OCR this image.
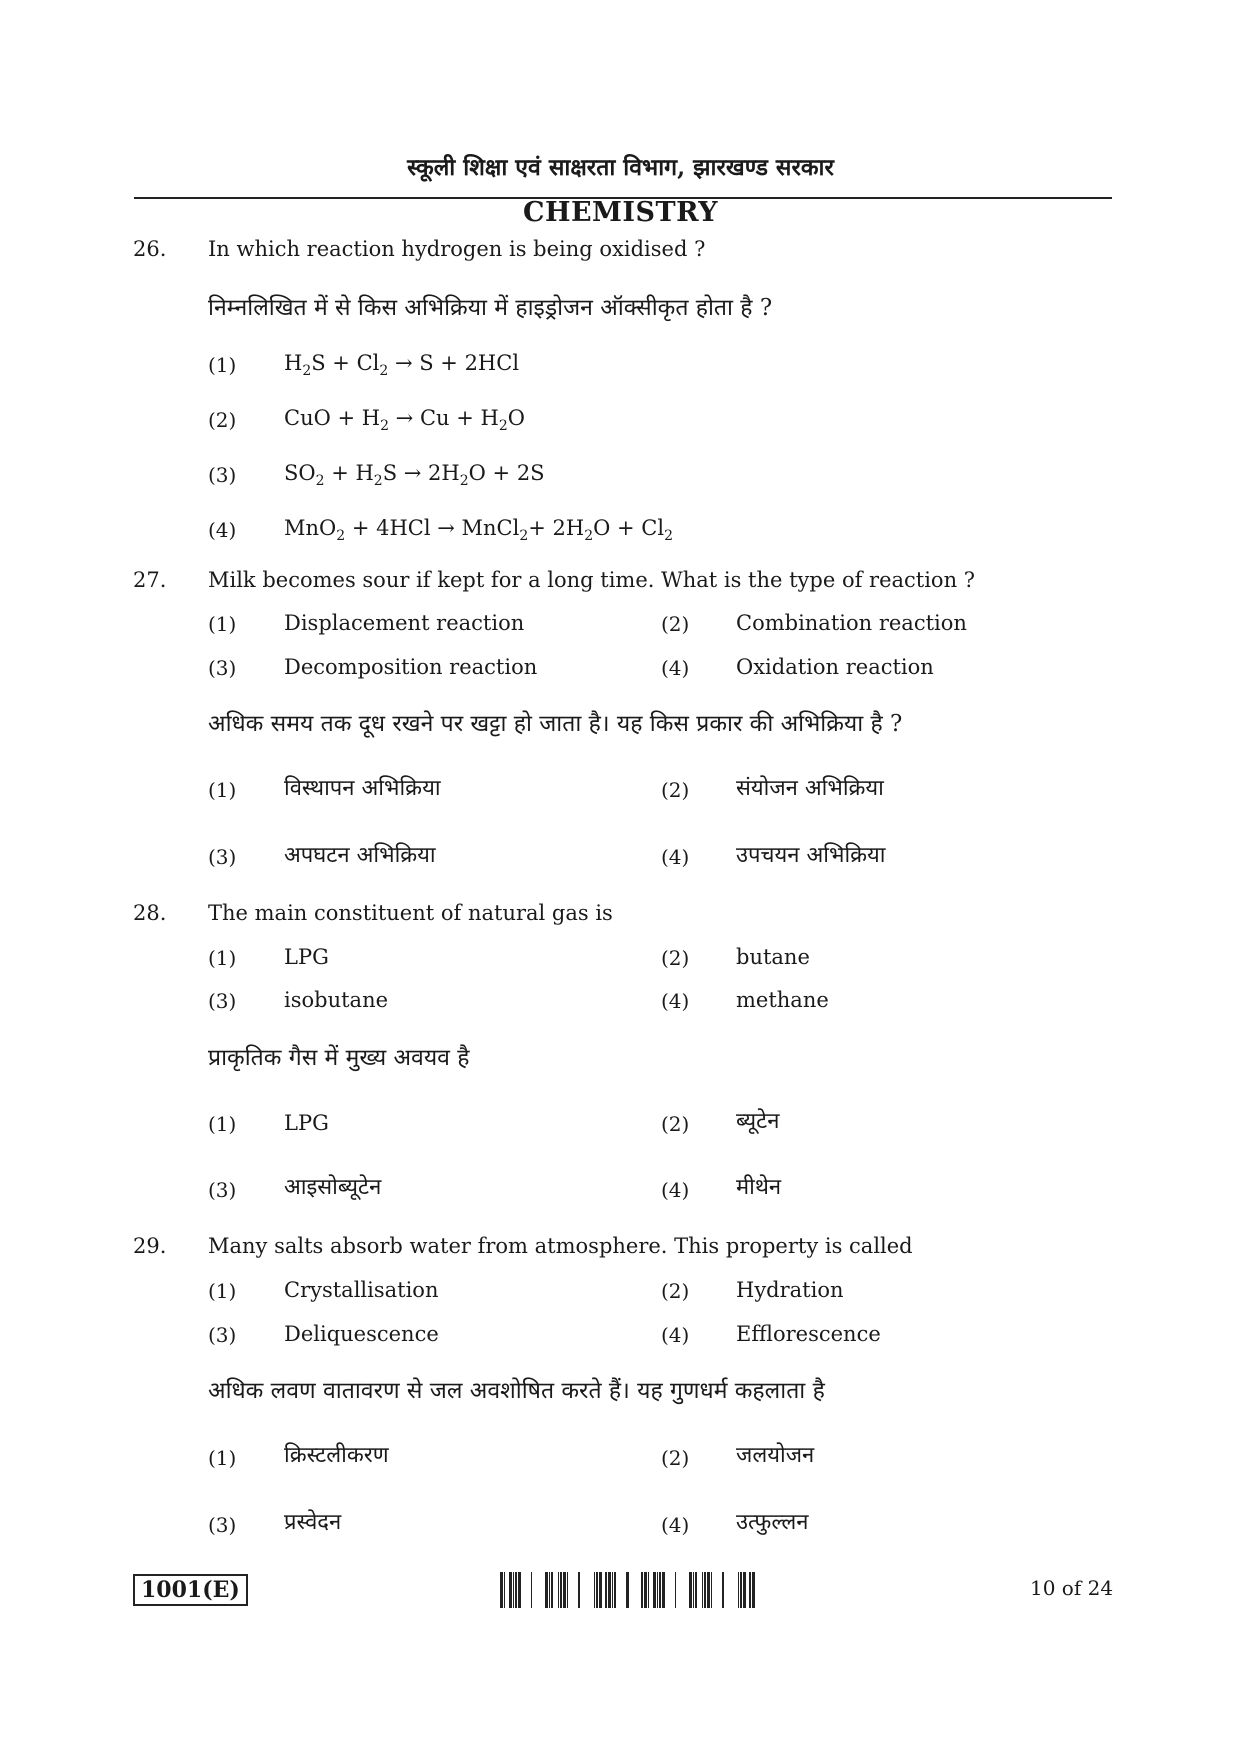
स्कूली शिक्षा एवं साक्षरता विभाग, झारखण्ड सरकार
CHEMISTRY
26. In which reaction hydrogen is being oxidised ?
निम्नलिखित में से किस अभिक्रिया में हाइड्रोजन ऑक्सीकृत होता है ?
(1) $H_2S + Cl_2 \to S + 2HCl$
(2) CuO + $H_2 \to Cu + H_2O$
(3) $SO_2 + H_2S \to 2H_2O + 2S$
(4) MnO$_2$ + 4HCl → MnCl$_2$+ $2H_2O + Cl_2$
27. Milk becomes sour if kept for a long time. What is the type of reaction ?
(1) Displacement reaction	(2) Combination reaction
(3) Decomposition reaction	(4) Oxidation reaction
अधिक समय तक दूध रखने पर खट्टा हो जाता है। यह किस प्रकार की अभिक्रिया है ?
(1) विस्थापन अभिक्रिया	(2) संयोजन अभिक्रिया
(3) अपघटन अभिक्रिया	(4) उपचयन अभिक्रिया
28. The main constituent of natural gas is
(1) LPG	(2) butane
(3) isobutane	(4) methane
प्राकृतिक गैस में मुख्य अवयव है
(1) LPG	(2) ब्यूटेन
(3) आइसोब्यूटेन	(4) मीथेन
29. Many salts absorb water from atmosphere. This property is called
(1) Crystallisation	(2) Hydration
(3) Deliquescence	(4) Efflorescence
अधिक लवण वातावरण से जल अवशोषित करते हैं। यह गुणधर्म कहलाता है
(1) क्रिस्टलीकरण	(2) जलयोजन
(3) प्रस्वेदन	(4) उत्फुल्लन
1001(E)	10 of 24
